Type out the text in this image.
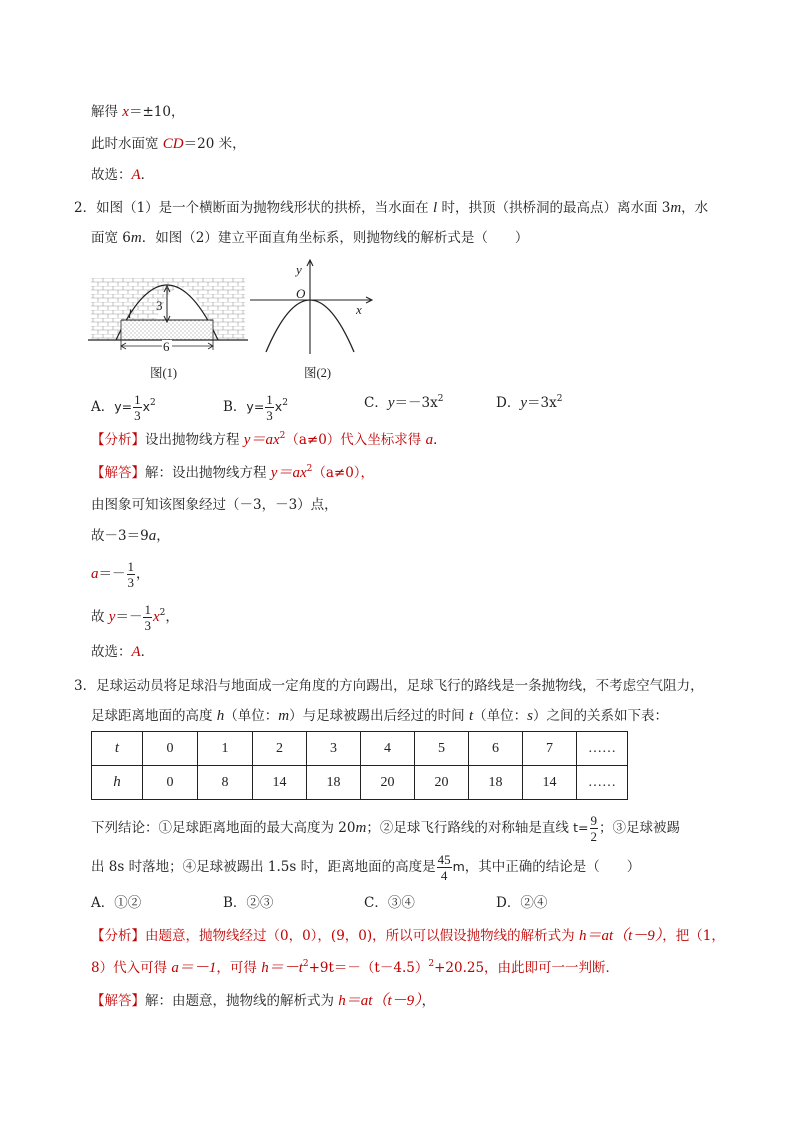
解得 x＝±10，
此时水面宽 CD＝20 米，
故选：A．
2．如图（1）是一个横断面为抛物线形状的拱桥，当水面在 l 时，拱顶（拱桥洞的最高点）离水面 3m，水
面宽 6m．如图（2）建立平面直角坐标系，则抛物线的解析式是（　　）
3
l
6
图(1)
y
x
O
图(2)
A．$y= \frac{1}{3} x^2$	B．$y= \frac{1}{3} x^2$	C．$y=-3x^2$	D．$y=3x^2$
【分析】设出抛物线方程 $y=ax^2(a\ne 0)$代入坐标求得 a．
【解答】解：设出抛物线方程 $y=ax^2(a\ne 0)$，
由图象可知该图象经过（－3，－3）点，
故－3＝9a，
$a=- \frac{1}{3}$ ，
故 $y=- \frac{1}{3} x^2$，
故选：A．
3．足球运动员将足球沿与地面成一定角度的方向踢出，足球飞行的路线是一条抛物线，不考虑空气阻力，
足球距离地面的高度 h（单位：m）与足球被踢出后经过的时间 t（单位：s）之间的关系如下表：
t	0	1	2	3	4	5	6	7	……
h	0	8	14	18	20	20	18	14	……
下列结论：①足球距离地面的最大高度为 20m；②足球飞行路线的对称轴是直线 $t= \frac{9}{2}$ ；③足球被踢
出 8s 时落地；④足球被踢出 1.5s 时，距离地面的高度是 $\frac{45}{4}$ m，其中正确的结论是（　　）
A．①②	B．②③	C．③④	D．②④
【分析】由题意，抛物线经过（0，0），(9，0)，所以可以假设抛物线的解析式为 h＝at（t－9），把（1，
8）代入可得 a＝－1，可得 $h=-t^2+9t=-(t-4.5)^2+20.25$，由此即可一一判断．
【解答】解：由题意，抛物线的解析式为 h＝at（t－9），
